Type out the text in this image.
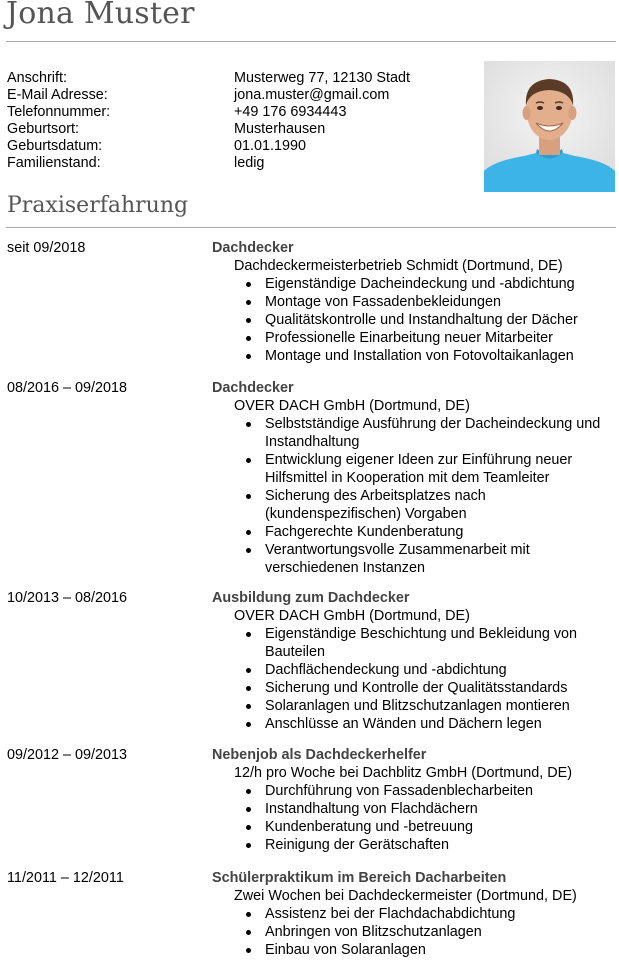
Jona Muster
Anschrift:	Musterweg 77, 12130 Stadt
E-Mail Adresse:	jona.muster@gmail.com
Telefonnummer:	+49 176 6934443
Geburtsort:	Musterhausen
Geburtsdatum:	01.01.1990
Familienstand:	ledig
Praxiserfahrung
seit 09/2018	Dachdecker
Dachdeckermeisterbetrieb Schmidt (Dortmund, DE)
Eigenständige Dacheindeckung und -abdichtung
Montage von Fassadenbekleidungen
Qualitätskontrolle und Instandhaltung der Dächer
Professionelle Einarbeitung neuer Mitarbeiter
Montage und Installation von Fotovoltaikanlagen
08/2016 – 09/2018	Dachdecker
OVER DACH GmbH (Dortmund, DE)
Selbstständige Ausführung der Dacheindeckung und Instandhaltung
Entwicklung eigener Ideen zur Einführung neuer Hilfsmittel in Kooperation mit dem Teamleiter
Sicherung des Arbeitsplatzes nach (kundenspezifischen) Vorgaben
Fachgerechte Kundenberatung
Verantwortungsvolle Zusammenarbeit mit verschiedenen Instanzen
10/2013 – 08/2016	Ausbildung zum Dachdecker
OVER DACH GmbH (Dortmund, DE)
Eigenständige Beschichtung und Bekleidung von Bauteilen
Dachflächendeckung und -abdichtung
Sicherung und Kontrolle der Qualitätsstandards
Solaranlagen und Blitzschutzanlagen montieren
Anschlüsse an Wänden und Dächern legen
09/2012 – 09/2013	Nebenjob als Dachdeckerhelfer
12/h pro Woche bei Dachblitz GmbH (Dortmund, DE)
Durchführung von Fassadenblecharbeiten
Instandhaltung von Flachdächern
Kundenberatung und -betreuung
Reinigung der Gerätschaften
11/2011 – 12/2011	Schülerpraktikum im Bereich Dacharbeiten
Zwei Wochen bei Dachdeckermeister (Dortmund, DE)
Assistenz bei der Flachdachabdichtung
Anbringen von Blitzschutzanlagen
Einbau von Solaranlagen
